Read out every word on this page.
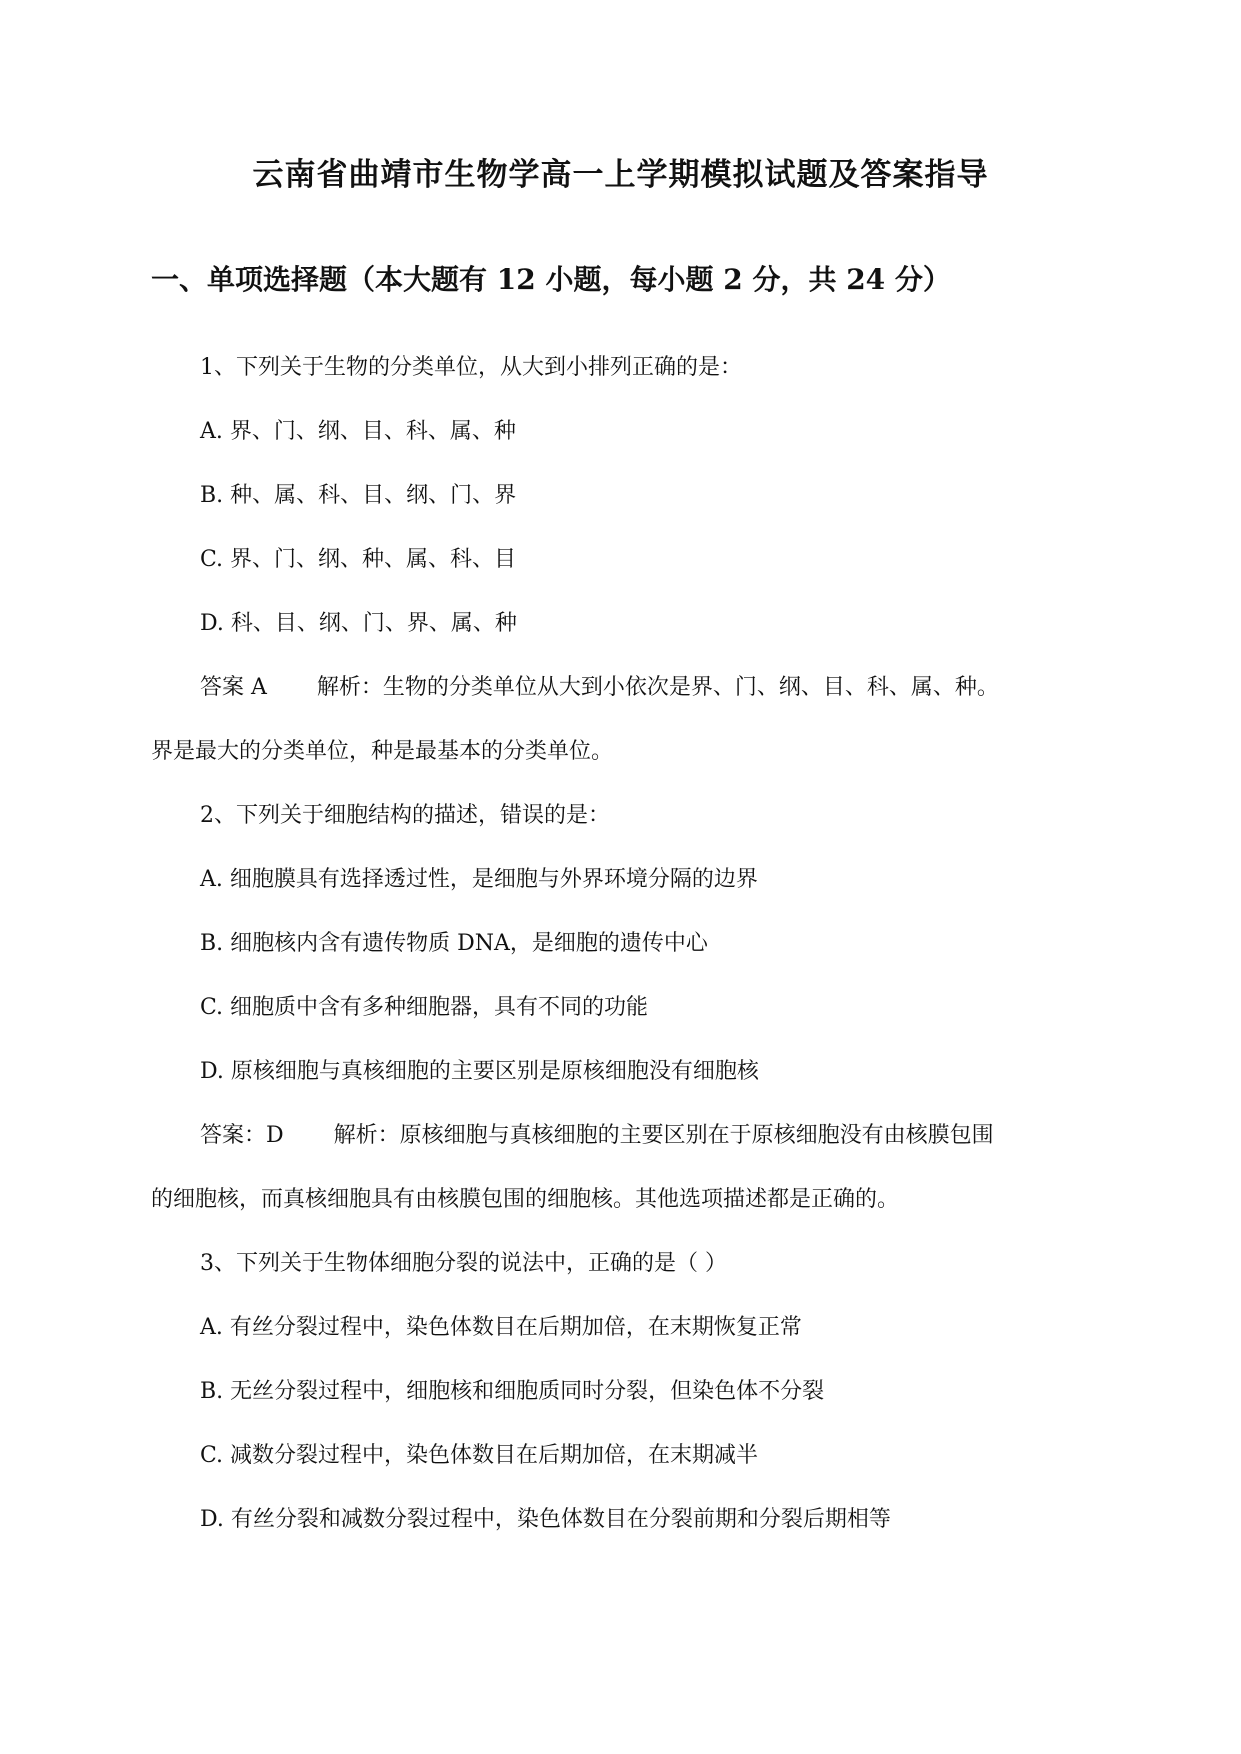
云南省曲靖市生物学高一上学期模拟试题及答案指导
一、单项选择题（本大题有 12 小题，每小题 2 分，共 24 分）
1、下列关于生物的分类单位，从大到小排列正确的是：
A. 界、门、纲、目、科、属、种
B. 种、属、科、目、纲、门、界
C. 界、门、纲、种、属、科、目
D. 科、目、纲、门、界、属、种
答案 A 解析：生物的分类单位从大到小依次是界、门、纲、目、科、属、种。
界是最大的分类单位，种是最基本的分类单位。
2、下列关于细胞结构的描述，错误的是：
A. 细胞膜具有选择透过性，是细胞与外界环境分隔的边界
B. 细胞核内含有遗传物质 DNA，是细胞的遗传中心
C. 细胞质中含有多种细胞器，具有不同的功能
D. 原核细胞与真核细胞的主要区别是原核细胞没有细胞核
答案：D 解析：原核细胞与真核细胞的主要区别在于原核细胞没有由核膜包围
的细胞核，而真核细胞具有由核膜包围的细胞核。其他选项描述都是正确的。
3、下列关于生物体细胞分裂的说法中，正确的是（ ）
A. 有丝分裂过程中，染色体数目在后期加倍，在末期恢复正常
B. 无丝分裂过程中，细胞核和细胞质同时分裂，但染色体不分裂
C. 减数分裂过程中，染色体数目在后期加倍，在末期减半
D. 有丝分裂和减数分裂过程中，染色体数目在分裂前期和分裂后期相等
